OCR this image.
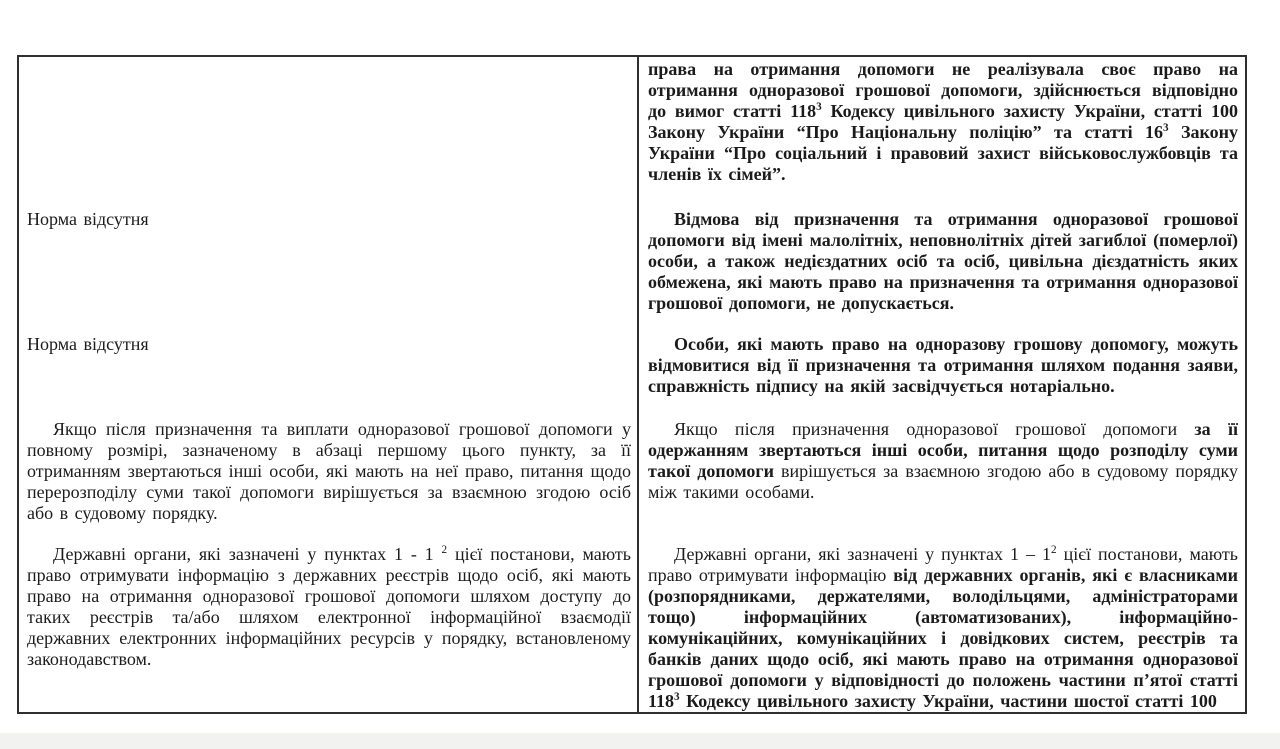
права на отримання допомоги не реалізувала своє право на отримання одноразової грошової допомоги, здійснюється відповідно до вимог статті $118^3$ Кодексу цивільного захисту України, статті 100 Закону України “Про Національну поліцію” та статті $16^3$ Закону України “Про соціальний і правовий захист військовослужбовців та членів їх сімей”.

Норма відсутня	Відмова від призначення та отримання одноразової грошової допомоги від імені малолітніх, неповнолітніх дітей загиблої (померлої) особи, а також недієздатних осіб та осіб, цивільна дієздатність яких обмежена, які мають право на призначення та отримання одноразової грошової допомоги, не допускається.

Норма відсутня	Особи, які мають право на одноразову грошову допомогу, можуть відмовитися від її призначення та отримання шляхом подання заяви, справжність підпису на якій засвідчується нотаріально.

Якщо після призначення та виплати одноразової грошової допомоги у повному розмірі, зазначеному в абзаці першому цього пункту, за її отриманням звертаються інші особи, які мають на неї право, питання щодо перерозподілу суми такої допомоги вирішується за взаємною згодою осіб або в судовому порядку.

Якщо після призначення одноразової грошової допомоги за її одержанням звертаються інші особи, питання щодо розподілу суми такої допомоги вирішується за взаємною згодою або в судовому порядку між такими особами.

Державні органи, які зазначені у пунктах 1 - 1 $^2$ цієї постанови, мають право отримувати інформацію з державних реєстрів щодо осіб, які мають право на отримання одноразової грошової допомоги шляхом доступу до таких реєстрів та/або шляхом електронної інформаційної взаємодії державних електронних інформаційних ресурсів у порядку, встановленому законодавством.

Державні органи, які зазначені у пунктах $1 - 1^2$ цієї постанови, мають право отримувати інформацію від державних органів, які є власниками (розпорядниками, держателями, володільцями, адміністраторами тощо) інформаційних (автоматизованих), інформаційно-комунікаційних, комунікаційних і довідкових систем, реєстрів та банків даних щодо осіб, які мають право на отримання одноразової грошової допомоги у відповідності до положень частини п’ятої статті $118^3$ Кодексу цивільного захисту України, частини шостої статті 100
